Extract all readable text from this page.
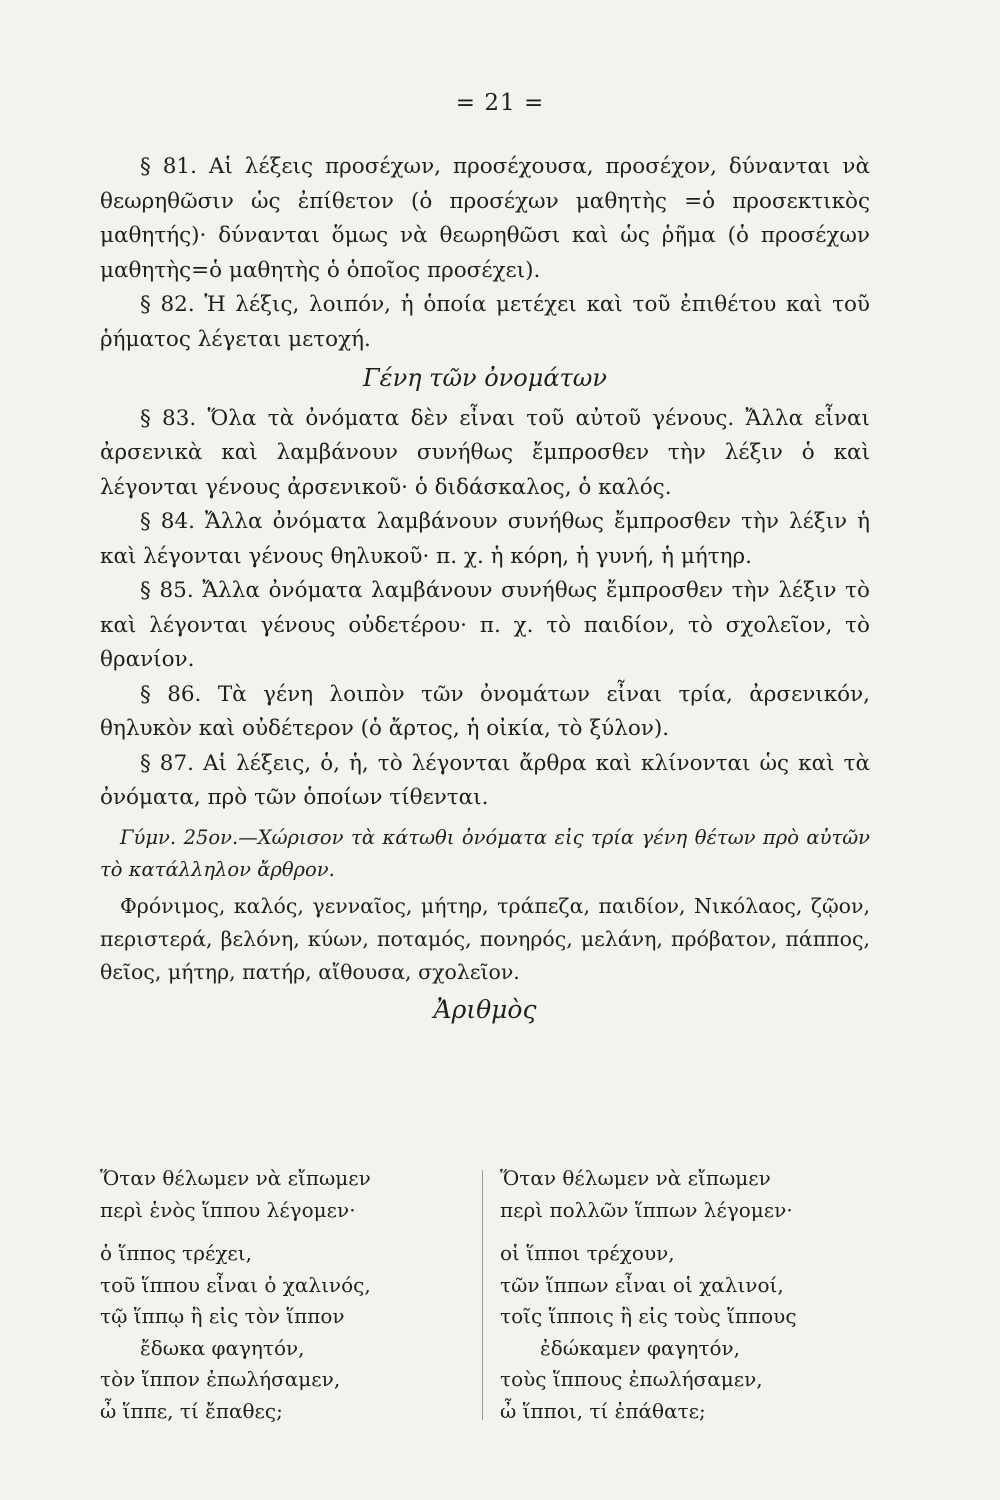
= 21 =

§ 81. Αἱ λέξεις προσέχων, προσέχουσα, προσέχον, δύνανται νὰ θεωρηθῶσιν ὡς ἐπίθετον (ὁ προσέχων μαθητὴς =ὁ προσεκτικὸς μαθητής)· δύνανται ὅμως νὰ θεωρηθῶσι καὶ ὡς ῥῆμα (ὁ προσέχων μαθητὴς=ὁ μαθητὴς ὁ ὁποῖος προσέχει).

§ 82. Ἡ λέξις, λοιπόν, ἡ ὁποία μετέχει καὶ τοῦ ἐπιθέτου καὶ τοῦ ῥήματος λέγεται μετοχή.

Γένη τῶν ὀνομάτων

§ 83. Ὅλα τὰ ὀνόματα δὲν εἶναι τοῦ αὐτοῦ γένους. Ἄλλα εἶναι ἀρσενικὰ καὶ λαμβάνουν συνήθως ἔμπροσθεν τὴν λέξιν ὁ καὶ λέγονται γένους ἀρσενικοῦ· ὁ διδάσκαλος, ὁ καλός.

§ 84. Ἄλλα ὀνόματα λαμβάνουν συνήθως ἔμπροσθεν τὴν λέξιν ἡ καὶ λέγονται γένους θηλυκοῦ· π. χ. ἡ κόρη, ἡ γυνή, ἡ μήτηρ.

§ 85. Ἄλλα ὀνόματα λαμβάνουν συνήθως ἔμπροσθεν τὴν λέξιν τὸ καὶ λέγονται γένους οὐδετέρου· π. χ. τὸ παιδίον, τὸ σχολεῖον, τὸ θρανίον.

§ 86. Τὰ γένη λοιπὸν τῶν ὀνομάτων εἶναι τρία, ἀρσενικόν, θηλυκὸν καὶ οὐδέτερον (ὁ ἄρτος, ἡ οἰκία, τὸ ξύλον).

§ 87. Αἱ λέξεις, ὁ, ἡ, τὸ λέγονται ἄρθρα καὶ κλίνονται ὡς καὶ τὰ ὀνόματα, πρὸ τῶν ὁποίων τίθενται.

Γύμν. 25ον.—Χώρισον τὰ κάτωθι ὀνόματα εἰς τρία γένη θέτων πρὸ αὐτῶν τὸ κατάλληλον ἄρθρον.

Φρόνιμος, καλός, γενναῖος, μήτηρ, τράπεζα, παιδίον, Νικόλαος, ζῷον, περιστερά, βελόνη, κύων, ποταμός, πονηρός, μελάνη, πρόβατον, πάππος, θεῖος, μήτηρ, πατήρ, αἴθουσα, σχολεῖον.

Ἀριθμὸς

Ὅταν θέλωμεν νὰ εἴπωμεν

περὶ ἑνὸς ἵππου λέγομεν·

ὁ ἵππος τρέχει,

τοῦ ἵππου εἶναι ὁ χαλινός,

τῷ ἵππῳ ἢ εἰς τὸν ἵππον

ἔδωκα φαγητόν,

τὸν ἵππον ἐπωλήσαμεν,

ὦ ἵππε, τί ἔπαθες;

Ὅταν θέλωμεν νὰ εἴπωμεν

περὶ πολλῶν ἵππων λέγομεν·

οἱ ἵπποι τρέχουν,

τῶν ἵππων εἶναι οἱ χαλινοί,

τοῖς ἵπποις ἢ εἰς τοὺς ἵππους

ἐδώκαμεν φαγητόν,

τοὺς ἵππους ἐπωλήσαμεν,

ὦ ἵπποι, τί ἐπάθατε;
